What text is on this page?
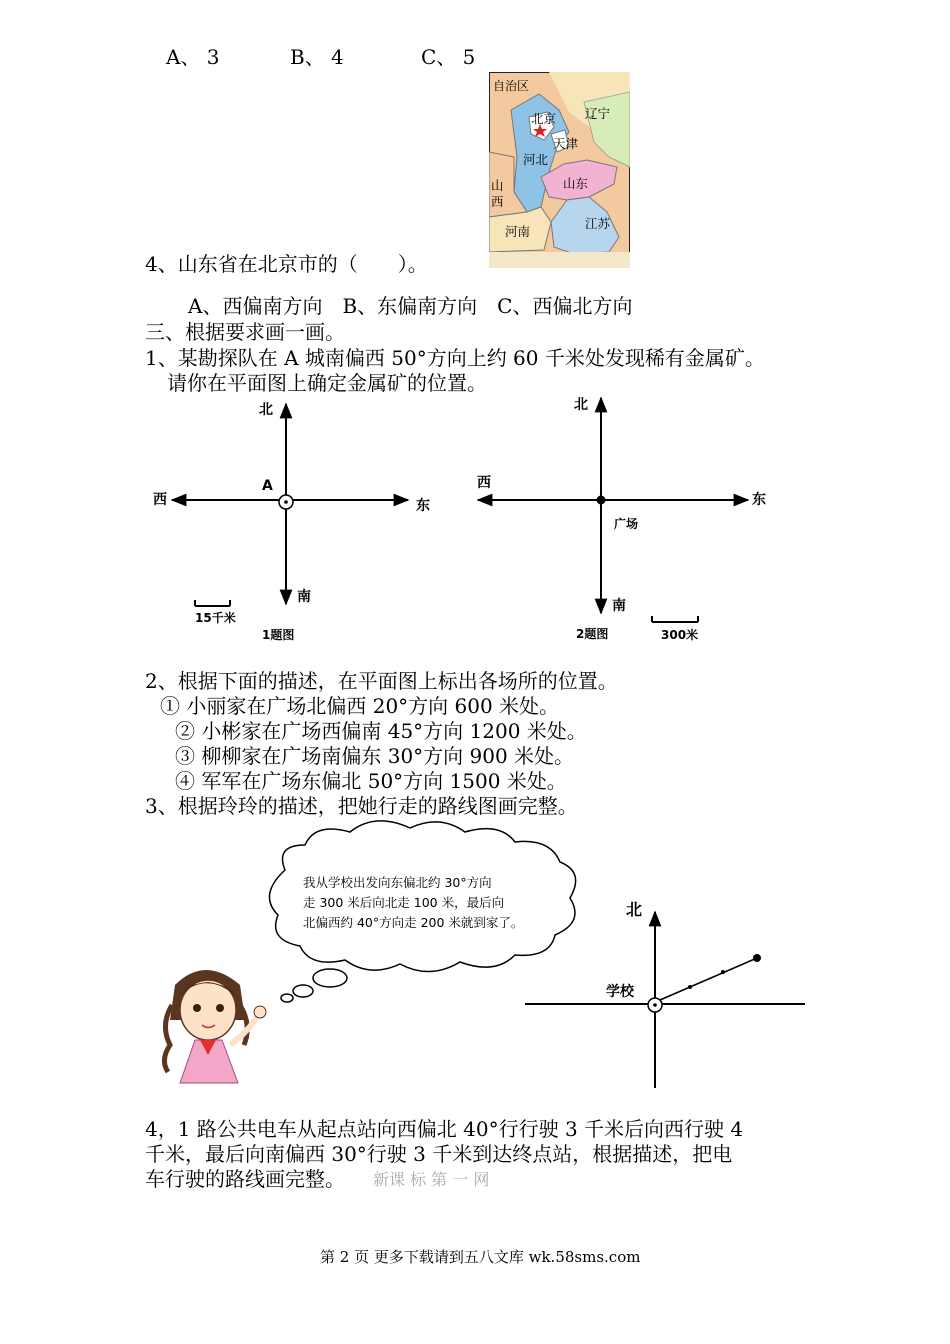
A、 3	B、 4	C、 5
自治区
辽宁
北京
天津
河北
山东
山
西
河南
江苏
4、山东省在北京市的（　　）。
A、西偏南方向　B、东偏南方向　C、西偏北方向
三、根据要求画一画。
1、某勘探队在 A 城南偏西 50°方向上约 60 千米处发现稀有金属矿。
请你在平面图上确定金属矿的位置。
北
西	东
南
A
15千米
1题图
北
西
东
南
广场
2题图	300米
2、根据下面的描述，在平面图上标出各场所的位置。
① 小丽家在广场北偏西 20°方向 600 米处。
② 小彬家在广场西偏南 45°方向 1200 米处。
③ 柳柳家在广场南偏东 30°方向 900 米处。
④ 军军在广场东偏北 50°方向 1500 米处。
3、根据玲玲的描述，把她行走的路线图画完整。
我从学校出发向东偏北约 30°方向
走 300 米后向北走 100 米，最后向
北偏西约 40°方向走 200 米就到家了。
北
学校
4，1 路公共电车从起点站向西偏北 40°行行驶 3 千米后向西行驶 4
千米，最后向南偏西 30°行驶 3 千米到达终点站，根据描述，把电
车行驶的路线画完整。 新课 标 第 一 网
第 2 页 更多下载请到五八文库 wk.58sms.com
